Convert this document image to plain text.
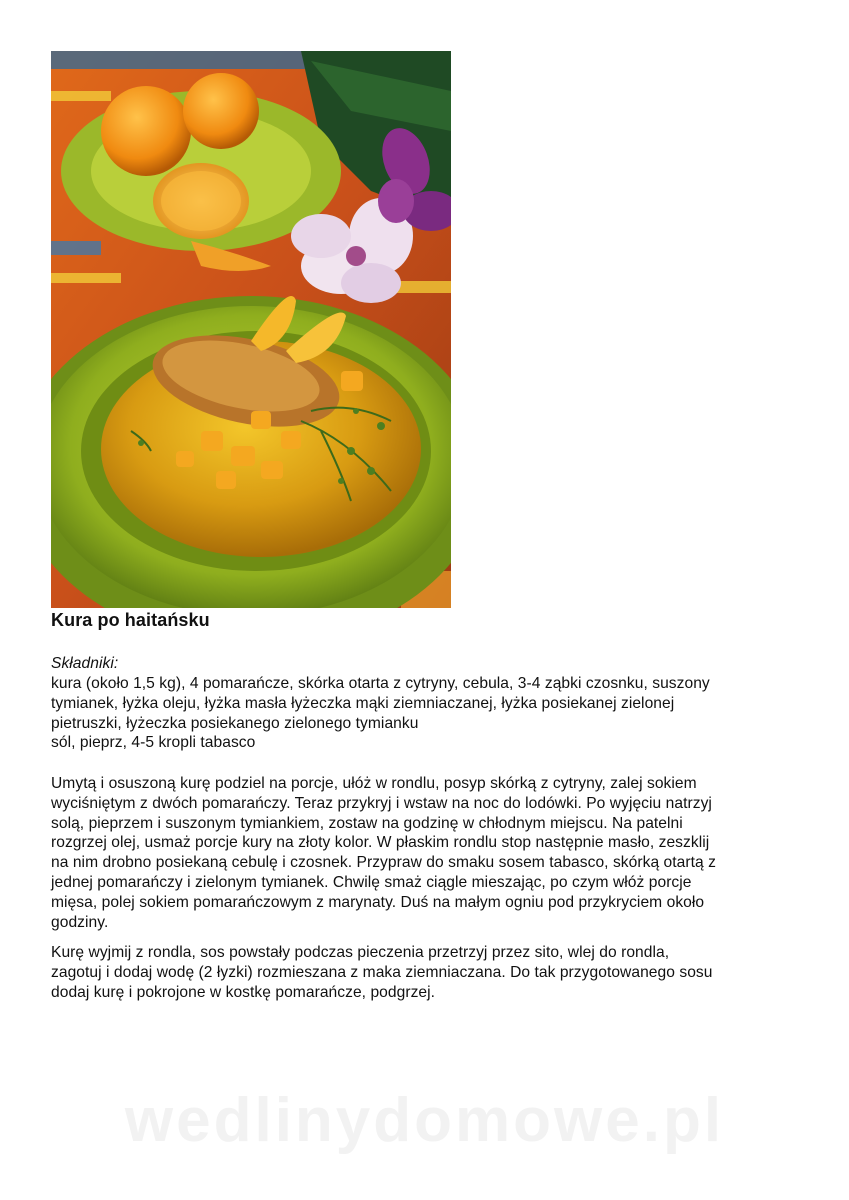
Kura po haitańsku

Składniki:

kura (około 1,5 kg), 4 pomarańcze, skórka otarta z cytryny, cebula, 3-4 ząbki czosnku, suszony
tymianek, łyżka oleju, łyżka masła łyżeczka mąki ziemniaczanej, łyżka posiekanej zielonej
pietruszki, łyżeczka posiekanego zielonego tymianku
sól, pieprz, 4-5 kropli tabasco

Umytą i osuszoną kurę podziel na porcje, ułóż w rondlu, posyp skórką z cytryny, zalej sokiem
wyciśniętym z dwóch pomarańczy. Teraz przykryj i wstaw na noc do lodówki. Po wyjęciu natrzyj
solą, pieprzem i suszonym tymiankiem, zostaw na godzinę w chłodnym miejscu. Na patelni
rozgrzej olej, usmaż porcje kury na złoty kolor. W płaskim rondlu stop następnie masło, zeszklij
na nim drobno posiekaną cebulę i czosnek. Przypraw do smaku sosem tabasco, skórką otartą z
jednej pomarańczy i zielonym tymianek. Chwilę smaż ciągle mieszając, po czym włóż porcje
mięsa, polej sokiem pomarańczowym z marynaty. Duś na małym ogniu pod przykryciem około
godziny.

Kurę wyjmij z rondla, sos powstały podczas pieczenia przetrzyj przez sito, wlej do rondla,
zagotuj i dodaj wodę (2 łyzki) rozmieszana z maka ziemniaczana. Do tak przygotowanego sosu
dodaj kurę i pokrojone w kostkę pomarańcze, podgrzej.

wedlinydomowe.pl
